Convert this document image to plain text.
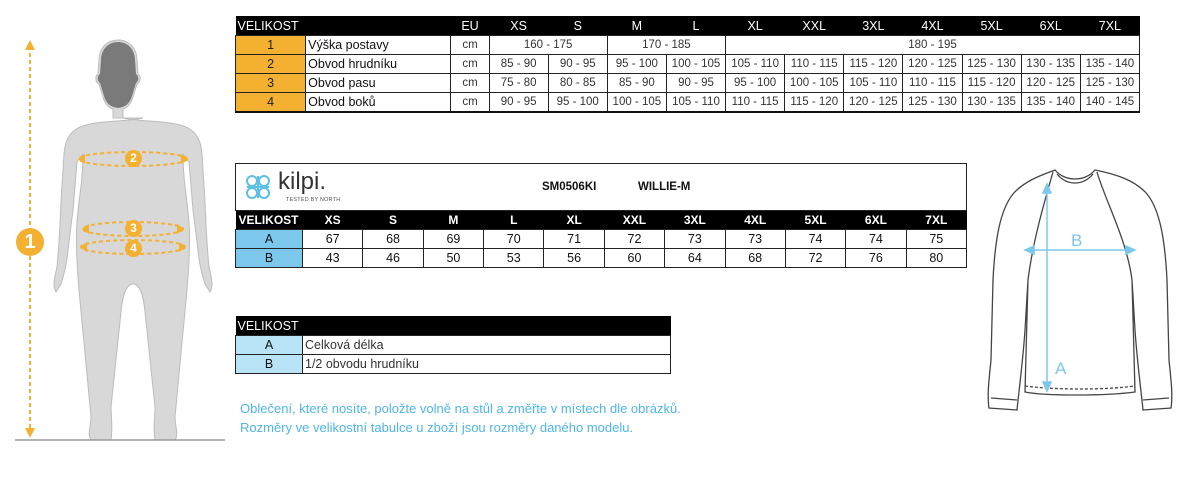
1
2
3
4
VELIKOST		EU	XS	S	M	L	XL	XXL	3XL	4XL	5XL	6XL	7XL
1	Výška postavy	cm	160 - 175		170 - 185		180 - 195						
2	Obvod hrudníku	cm	85 - 90	90 - 95	95 - 100	100 - 105	105 - 110	110 - 115	115 - 120	120 - 125	125 - 130	130 - 135	135 - 140
3	Obvod pasu	cm	75 - 80	80 - 85	85 - 90	90 - 95	95 - 100	100 - 105	105 - 110	110 - 115	115 - 120	120 - 125	125 - 130
4	Obvod boků	cm	90 - 95	95 - 100	100 - 105	105 - 110	110 - 115	115 - 120	120 - 125	125 - 130	130 - 135	135 - 140	140 - 145
kilpi.
TESTED BY NORTH
SM0506KI	WILLIE-M
VELIKOST	XS	S	M	L	XL	XXL	3XL	4XL	5XL	6XL	7XL
A	67	68	69	70	71	72	73	73	74	74	75
B	43	46	50	53	56	60	64	68	72	76	80
VELIKOST	
A	Celková délka
B	1/2 obvodu hrudníku
Oblečení, které nosíte, položte volně na stůl a změřte v místech dle obrázků.
Rozměry ve velikostní tabulce u zboží jsou rozměry daného modelu.
B
A
